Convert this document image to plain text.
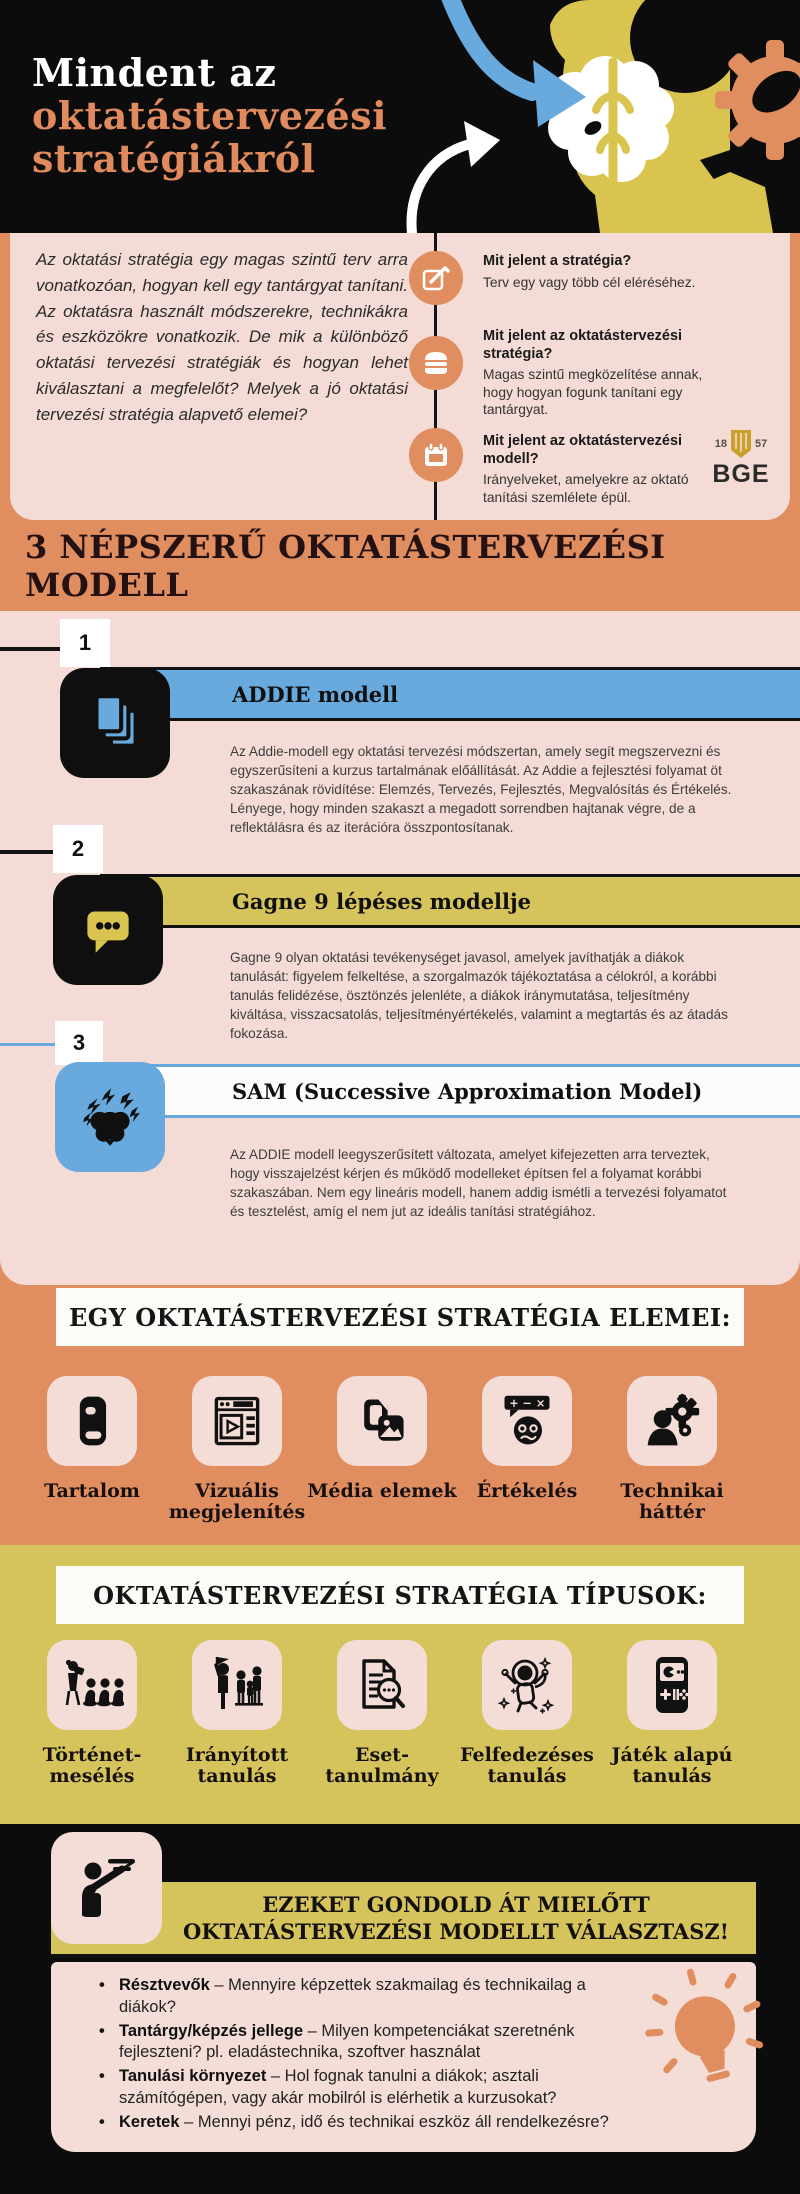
Mindent az
oktatástervezési
stratégiákról

Az oktatási stratégia egy magas szintű terv arra vonatkozóan, hogyan kell egy tantárgyat tanítani. Az oktatásra használt módszerekre, technikákra és eszközökre vonatkozik. De mik a különböző oktatási tervezési stratégiák és hogyan lehet kiválasztani a megfelelőt? Melyek a jó oktatási tervezési stratégia alapvető elemei?

Mit jelent a stratégia?

Terv egy vagy több cél eléréséhez.

Mit jelent az oktatástervezési stratégia?

Magas szintű megközelítése annak, hogy hogyan fogunk tanítani egy tantárgyat.

Mit jelent az oktatástervezési modell?

Irányelveket, amelyekre az oktató tanítási szemlélete épül.

18	57
BGE
3 NÉPSZERŰ OKTATÁSTERVEZÉSI MODELL
1
ADDIE modell

Az Addie-modell egy oktatási tervezési módszertan, amely segít megszervezni és egyszerűsíteni a kurzus tartalmának előállítását. Az Addie a fejlesztési folyamat öt szakaszának rövidítése: Elemzés, Tervezés, Fejlesztés, Megvalósítás és Értékelés. Lényege, hogy minden szakaszt a megadott sorrendben hajtanak végre, de a reflektálásra és az iterációra összpontosítanak.

2
Gagne 9 lépéses modellje

Gagne 9 olyan oktatási tevékenységet javasol, amelyek javíthatják a diákok tanulását: figyelem felkeltése, a szorgalmazók tájékoztatása a célokról, a korábbi tanulás felidézése, ösztönzés jelenléte, a diákok iránymutatása, teljesítmény kiváltása, visszacsatolás, teljesítményértékelés, valamint a megtartás és az átadás fokozása.

3
SAM (Successive Approximation Model)

Az ADDIE modell leegyszerűsített változata, amelyet kifejezetten arra terveztek, hogy visszajelzést kérjen és működő modelleket építsen fel a folyamat korábbi szakaszában. Nem egy lineáris modell, hanem addig ismétli a tervezési folyamatot és tesztelést, amíg el nem jut az ideális tanítási stratégiához.

EGY OKTATÁSTERVEZÉSI STRATÉGIA ELEMEI:
+ − × √
Tartalom	Vizuális megjelenítés
Média elemek	Értékelés	Technikai háttér
OKTATÁSTERVEZÉSI STRATÉGIA TÍPUSOK:
Történet-mesélés
Irányított tanulás
Eset-tanulmány
Felfedezéses tanulás
Játék alapú tanulás
EZEKET GONDOLD ÁT MIELŐTT
OKTATÁSTERVEZÉSI MODELLT VÁLASZTASZ!
• Résztvevők – Mennyire képzettek szakmailag és technikailag a diákok?
• Tantárgy/képzés jellege – Milyen kompetenciákat szeretnénk fejleszteni? pl. eladástechnika, szoftver használat
• Tanulási környezet – Hol fognak tanulni a diákok; asztali számítógépen, vagy akár mobilról is elérhetik a kurzusokat?
• Keretek – Mennyi pénz, idő és technikai eszköz áll rendelkezésre?
